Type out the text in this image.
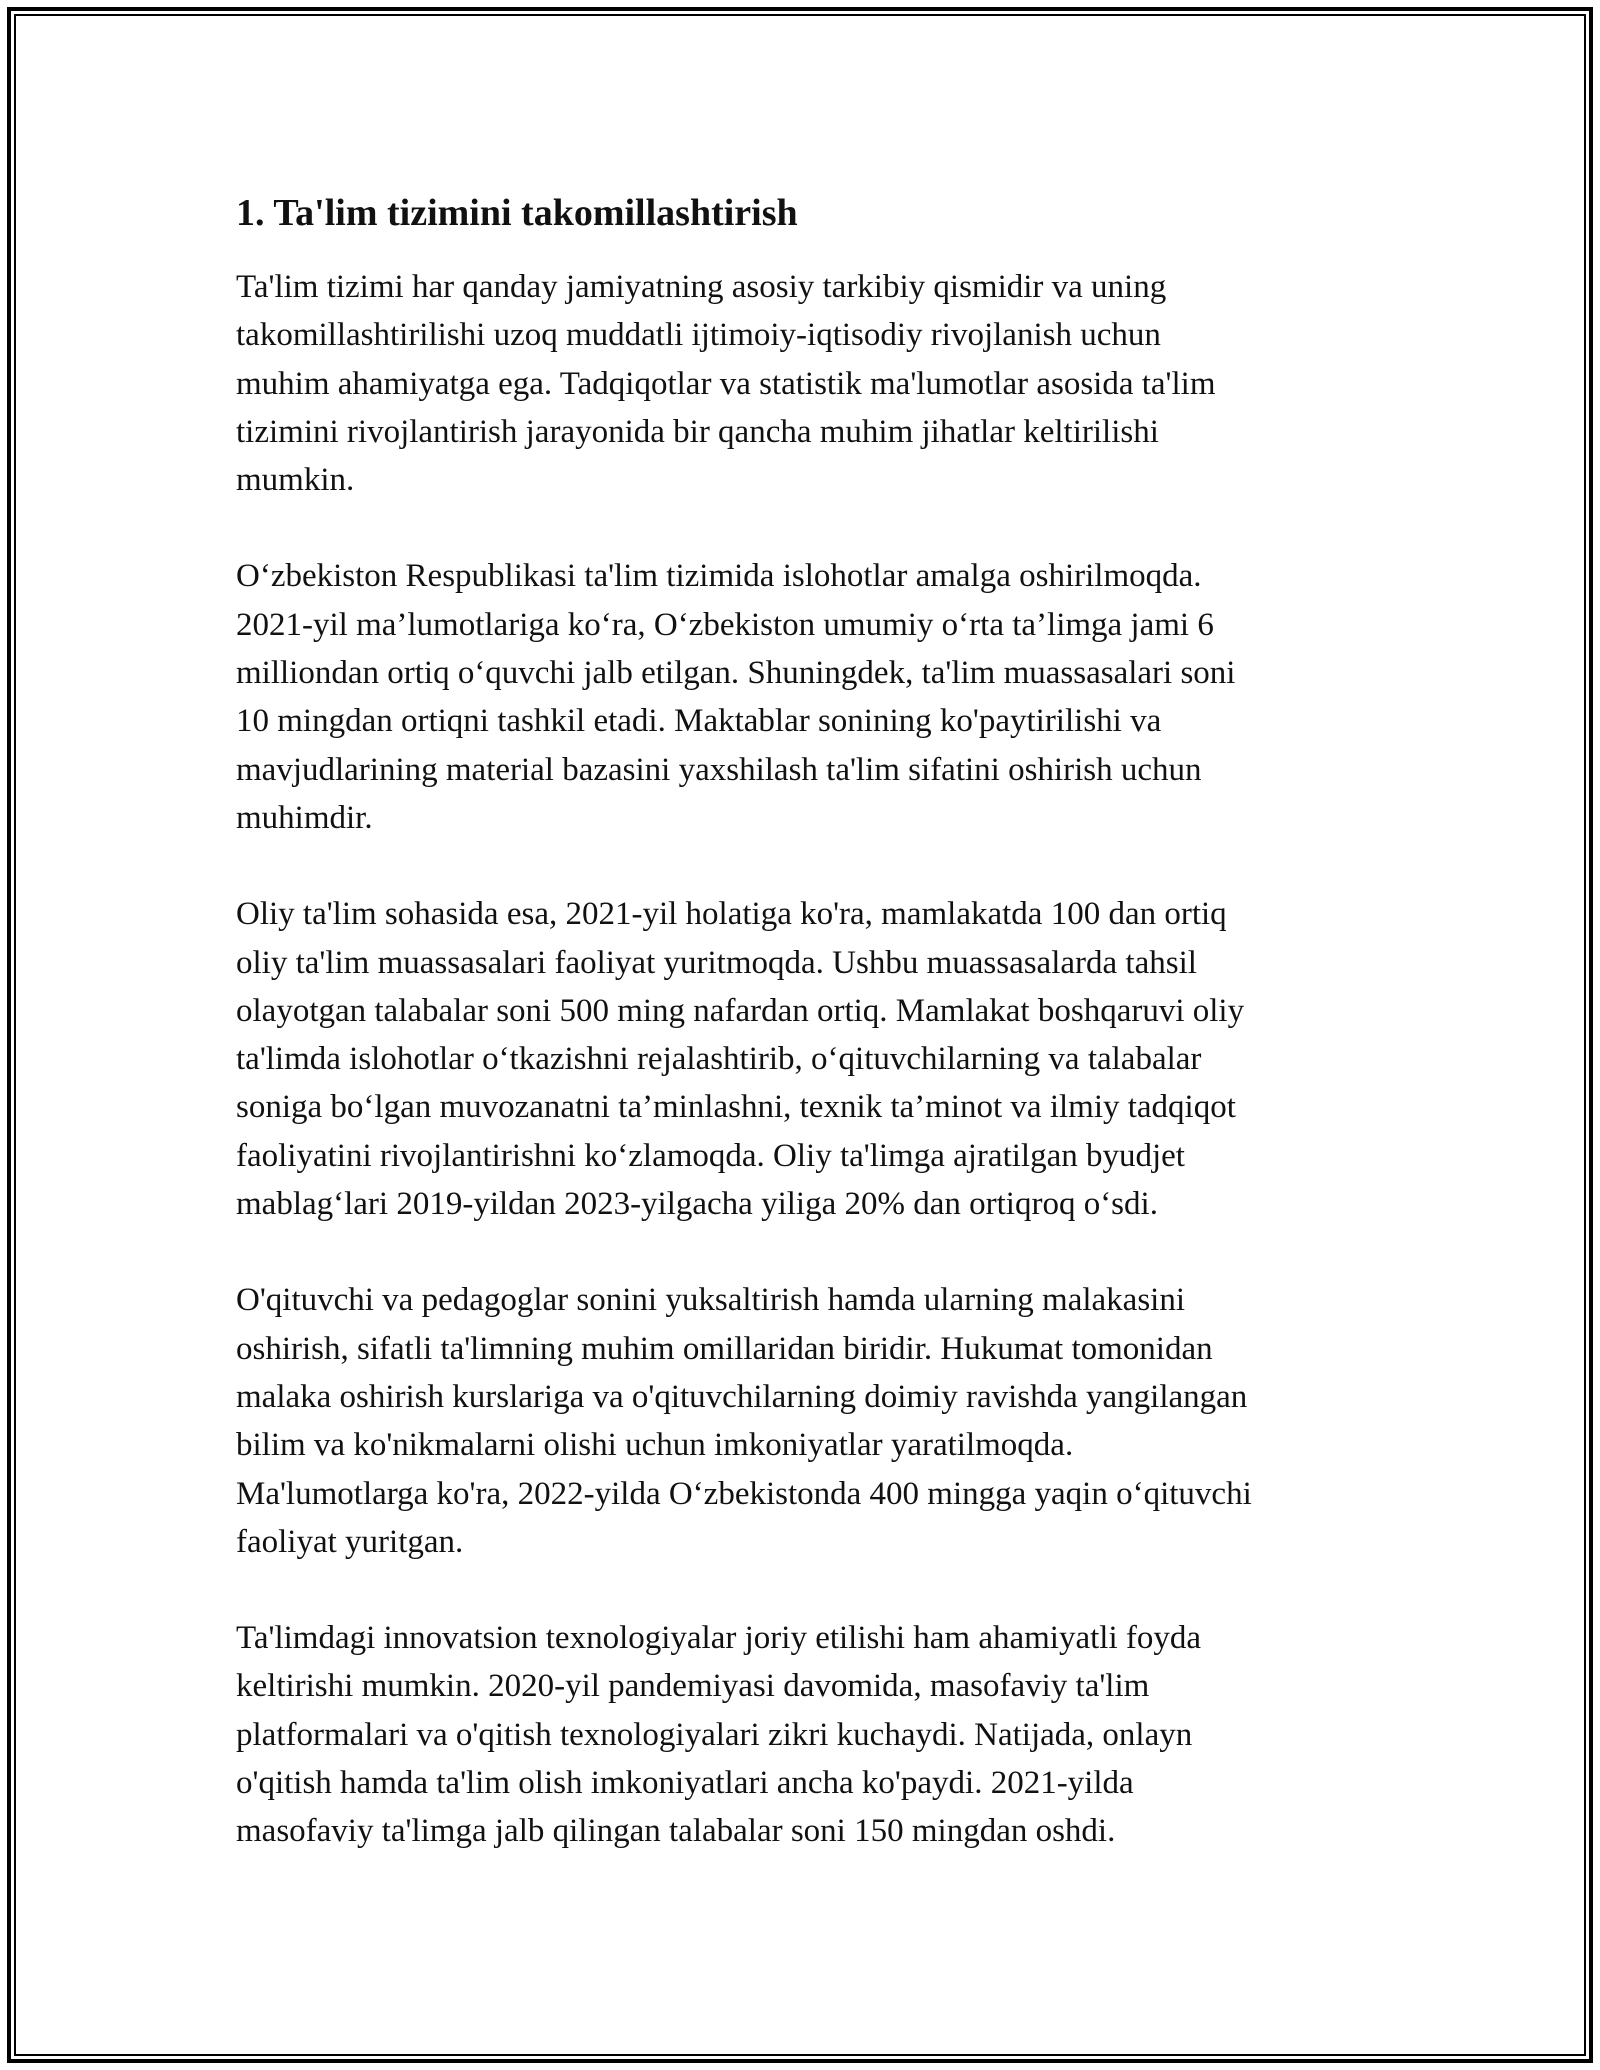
1. Ta'lim tizimini takomillashtirish

Ta'lim tizimi har qanday jamiyatning asosiy tarkibiy qismidir va uning
takomillashtirilishi uzoq muddatli ijtimoiy-iqtisodiy rivojlanish uchun
muhim ahamiyatga ega. Tadqiqotlar va statistik ma'lumotlar asosida ta'lim
tizimini rivojlantirish jarayonida bir qancha muhim jihatlar keltirilishi
mumkin.

O‘zbekiston Respublikasi ta'lim tizimida islohotlar amalga oshirilmoqda.
2021-yil ma’lumotlariga ko‘ra, O‘zbekiston umumiy o‘rta ta’limga jami 6
milliondan ortiq o‘quvchi jalb etilgan. Shuningdek, ta'lim muassasalari soni
10 mingdan ortiqni tashkil etadi. Maktablar sonining ko'paytirilishi va
mavjudlarining material bazasini yaxshilash ta'lim sifatini oshirish uchun
muhimdir.

Oliy ta'lim sohasida esa, 2021-yil holatiga ko'ra, mamlakatda 100 dan ortiq
oliy ta'lim muassasalari faoliyat yuritmoqda. Ushbu muassasalarda tahsil
olayotgan talabalar soni 500 ming nafardan ortiq. Mamlakat boshqaruvi oliy
ta'limda islohotlar o‘tkazishni rejalashtirib, o‘qituvchilarning va talabalar
soniga bo‘lgan muvozanatni ta’minlashni, texnik ta’minot va ilmiy tadqiqot
faoliyatini rivojlantirishni ko‘zlamoqda. Oliy ta'limga ajratilgan byudjet
mablag‘lari 2019-yildan 2023-yilgacha yiliga 20% dan ortiqroq o‘sdi.

O'qituvchi va pedagoglar sonini yuksaltirish hamda ularning malakasini
oshirish, sifatli ta'limning muhim omillaridan biridir. Hukumat tomonidan
malaka oshirish kurslariga va o'qituvchilarning doimiy ravishda yangilangan
bilim va ko'nikmalarni olishi uchun imkoniyatlar yaratilmoqda.
Ma'lumotlarga ko'ra, 2022-yilda O‘zbekistonda 400 mingga yaqin o‘qituvchi
faoliyat yuritgan.

Ta'limdagi innovatsion texnologiyalar joriy etilishi ham ahamiyatli foyda
keltirishi mumkin. 2020-yil pandemiyasi davomida, masofaviy ta'lim
platformalari va o'qitish texnologiyalari zikri kuchaydi. Natijada, onlayn
o'qitish hamda ta'lim olish imkoniyatlari ancha ko'paydi. 2021-yilda
masofaviy ta'limga jalb qilingan talabalar soni 150 mingdan oshdi.
